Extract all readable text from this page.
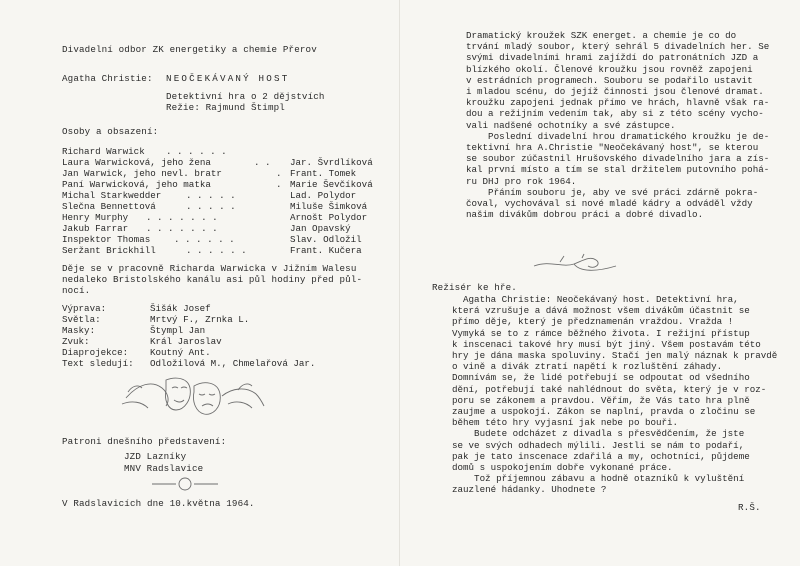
Divadelní odbor ZK energetiky a chemie Přerov
Agatha Christie: NEOČEKÁVANÝ HOST
Detektivní hra o 2 dějstvích
Režie: Rajmund Štimpl
Osoby a obsazení:
Richard Warwick . . . . . .
Laura Warwicková, jeho žena	. . Jar. Švrdlíková
Jan Warwick, jeho nevl. bratr	. Frant. Tomek
Paní Warwicková, jeho matka	. Marie Ševčíková
Michal Starkwedder	. . . . .	Lad. Polydor
Slečna Bennettová	. . . . .	Miluše Šimková
Henry Murphy . . . . . . .	Arnošt Polydor
Jakub Farrar . . . . . . .	Jan Opavský
Inspektor Thomas	. . . . . .	Slav. Odložil
Seržant Brickhill	. . . . . .	Frant. Kučera
Děje se v pracovně Richarda Warwicka v Jižním Walesu
nedaleko Bristolského kanálu asi půl hodiny před půl-
nocí.
Výprava:	Šišák Josef
Světla:	Mrtvý F., Zrnka L.
Masky:	Štympl Jan
Zvuk:	Král Jaroslav
Diaprojekce: Koutný Ant.
Text sledují: Odložilová M., Chmelařová Jar.
Patroni dnešního představení:
JZD Lazníky
MNV Radslavice
V Radslavicích dne 10.května 1964.
Dramatický kroužek SZK energet. a chemie je co do
trvání mladý soubor, který sehrál 5 divadelních her. Se
svými divadelními hrami zajíždí do patronátních JZD a
blízkého okolí. Členové kroužku jsou rovněž zapojeni
v estrádních programech. Souboru se podařilo ustavit
i mladou scénu, do jejíž činnosti jsou členové dramat.
kroužku zapojeni jednak přímo ve hrách, hlavně však ra-
dou a režijním vedením tak, aby si z této scény vycho-
vali nadšené ochotníky a své zástupce.
Poslední divadelní hrou dramatického kroužku je de-
tektivní hra A.Christie "Neočekávaný host", se kterou
se soubor zúčastnil Hrušovského divadelního jara a zís-
kal první místo a tím se stal držitelem putovního pohá-
ru DHJ pro rok 1964.
Přáním souboru je, aby ve své práci zdárně pokra-
čoval, vychovával si nové mladé kádry a odváděl vždy
našim divákům dobrou práci a dobré divadlo.
Režisér ke hře.
Agatha Christie: Neočekávaný host. Detektivní hra,
která vzrušuje a dává možnost všem divákům účastnit se
přímo děje, který je předznamenán vraždou. Vražda !
Vymyká se to z rámce běžného života. I režijní přístup
k inscenaci takové hry musí být jiný. Všem postavám této
hry je dána maska spoluviny. Stačí jen malý náznak k pravdě
o vině a divák ztratí napětí k rozluštění záhady.
Domnívám se, že lidé potřebují se odpoutat od všedního
dění, potřebují také nahlédnout do světa, který je v roz-
poru se zákonem a pravdou. Věřím, že Vás tato hra plně
zaujme a uspokojí. Zákon se naplní, pravda o zločinu se
během této hry vyjasní jak nebe po bouři.
Budete odcházet z divadla s přesvědčením, že jste
se ve svých odhadech mýlili. Jestli se nám to podaří,
pak je tato inscenace zdařilá a my, ochotníci, půjdeme
domů s uspokojením dobře vykonané práce.
Tož příjemnou zábavu a hodně otazníků k vyluštění
zauzlené hádanky. Uhodnete ?
R.Š.
